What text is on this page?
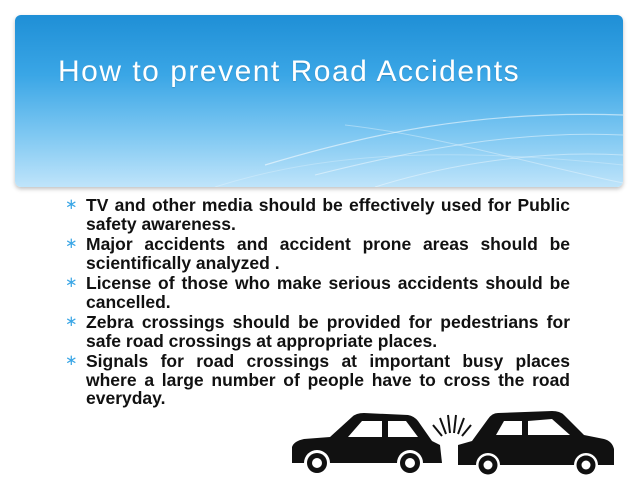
How to prevent Road Accidents
∗ TV and other media should be effectively used for Public safety awareness.
∗ Major accidents and accident prone areas should be scientifically analyzed .
∗ License of those who make serious accidents should be cancelled.
∗ Zebra crossings should be provided for pedestrians for safe road crossings at appropriate places.
∗ Signals for road crossings at important busy places where a large number of people have to cross the road everyday.
